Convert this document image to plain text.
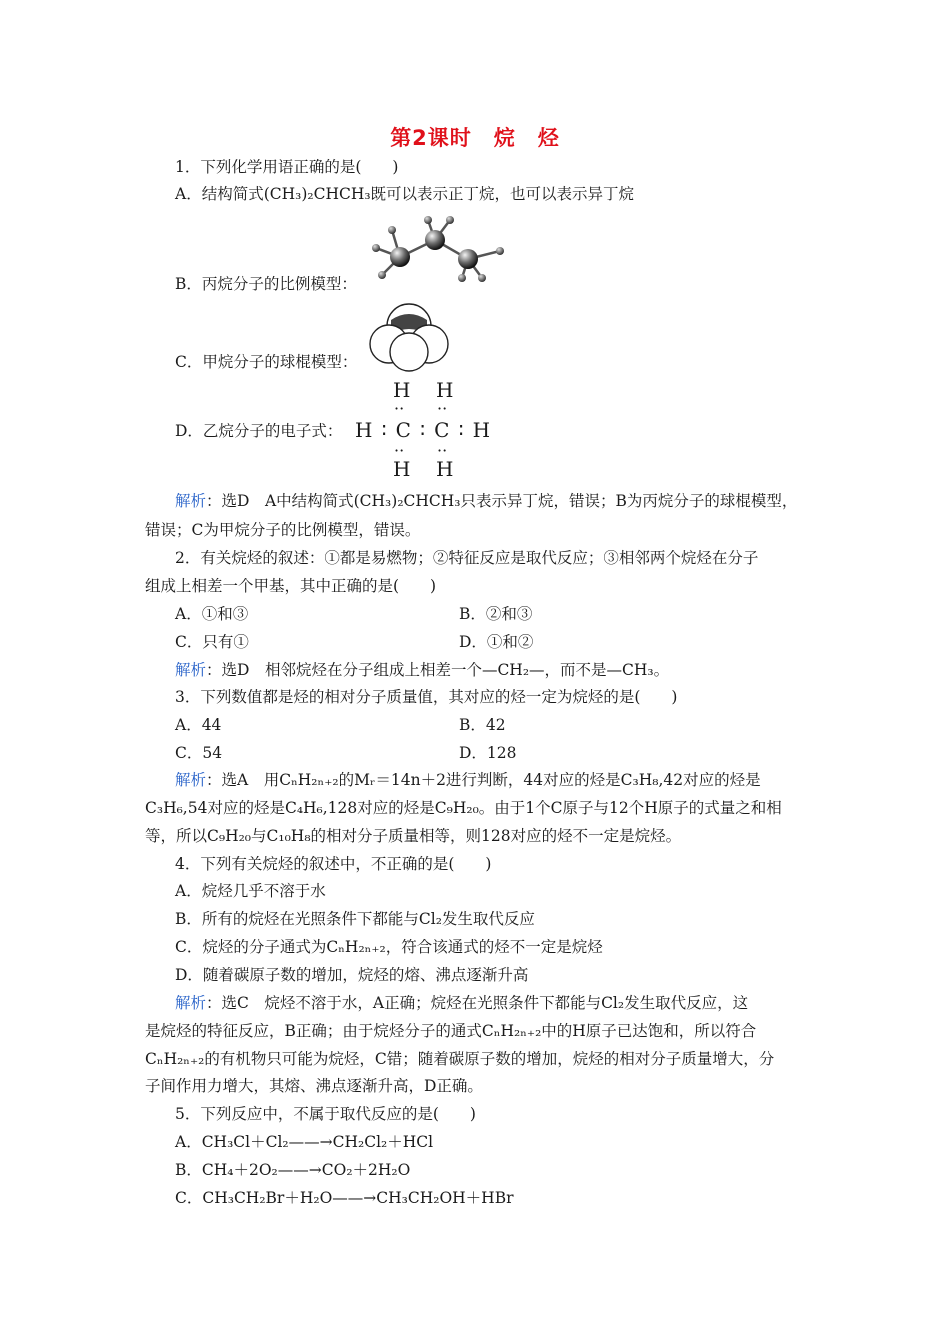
第2课时　烷　烃
1．下列化学用语正确的是(　　)
A．结构简式(CH₃)₂CHCH₃既可以表示正丁烷，也可以表示异丁烷
B．丙烷分子的比例模型：
C．甲烷分子的球棍模型：
D．乙烷分子的电子式：
H H
·· ··
H∶C∶C∶H
·· ··
H H
解析：选D　A中结构简式(CH₃)₂CHCH₃只表示异丁烷，错误；B为丙烷分子的球棍模型，
错误；C为甲烷分子的比例模型，错误。
2．有关烷烃的叙述：①都是易燃物；②特征反应是取代反应；③相邻两个烷烃在分子
组成上相差一个甲基，其中正确的是(　　)
A．①和③	B．②和③
C．只有①	D．①和②
解析：选D　相邻烷烃在分子组成上相差一个—CH₂—，而不是—CH₃。
3．下列数值都是烃的相对分子质量值，其对应的烃一定为烷烃的是(　　)
A．44	B．42
C．54	D．128
解析：选A　用CₙH₂ₙ₊₂的Mᵣ＝14n＋2进行判断，44对应的烃是C₃H₈,42对应的烃是
C₃H₆,54对应的烃是C₄H₆,128对应的烃是C₉H₂₀。由于1个C原子与12个H原子的式量之和相
等，所以C₉H₂₀与C₁₀H₈的相对分子质量相等，则128对应的烃不一定是烷烃。
4．下列有关烷烃的叙述中，不正确的是(　　)
A．烷烃几乎不溶于水
B．所有的烷烃在光照条件下都能与Cl₂发生取代反应
C．烷烃的分子通式为CₙH₂ₙ₊₂，符合该通式的烃不一定是烷烃
D．随着碳原子数的增加，烷烃的熔、沸点逐渐升高
解析：选C　烷烃不溶于水，A正确；烷烃在光照条件下都能与Cl₂发生取代反应，这
是烷烃的特征反应，B正确；由于烷烃分子的通式CₙH₂ₙ₊₂中的H原子已达饱和，所以符合
CₙH₂ₙ₊₂的有机物只可能为烷烃，C错；随着碳原子数的增加，烷烃的相对分子质量增大，分
子间作用力增大，其熔、沸点逐渐升高，D正确。
5．下列反应中，不属于取代反应的是(　　)
A．CH₃Cl＋Cl₂——→CH₂Cl₂＋HCl
B．CH₄＋2O₂——→CO₂＋2H₂O
C．CH₃CH₂Br＋H₂O——→CH₃CH₂OH＋HBr
